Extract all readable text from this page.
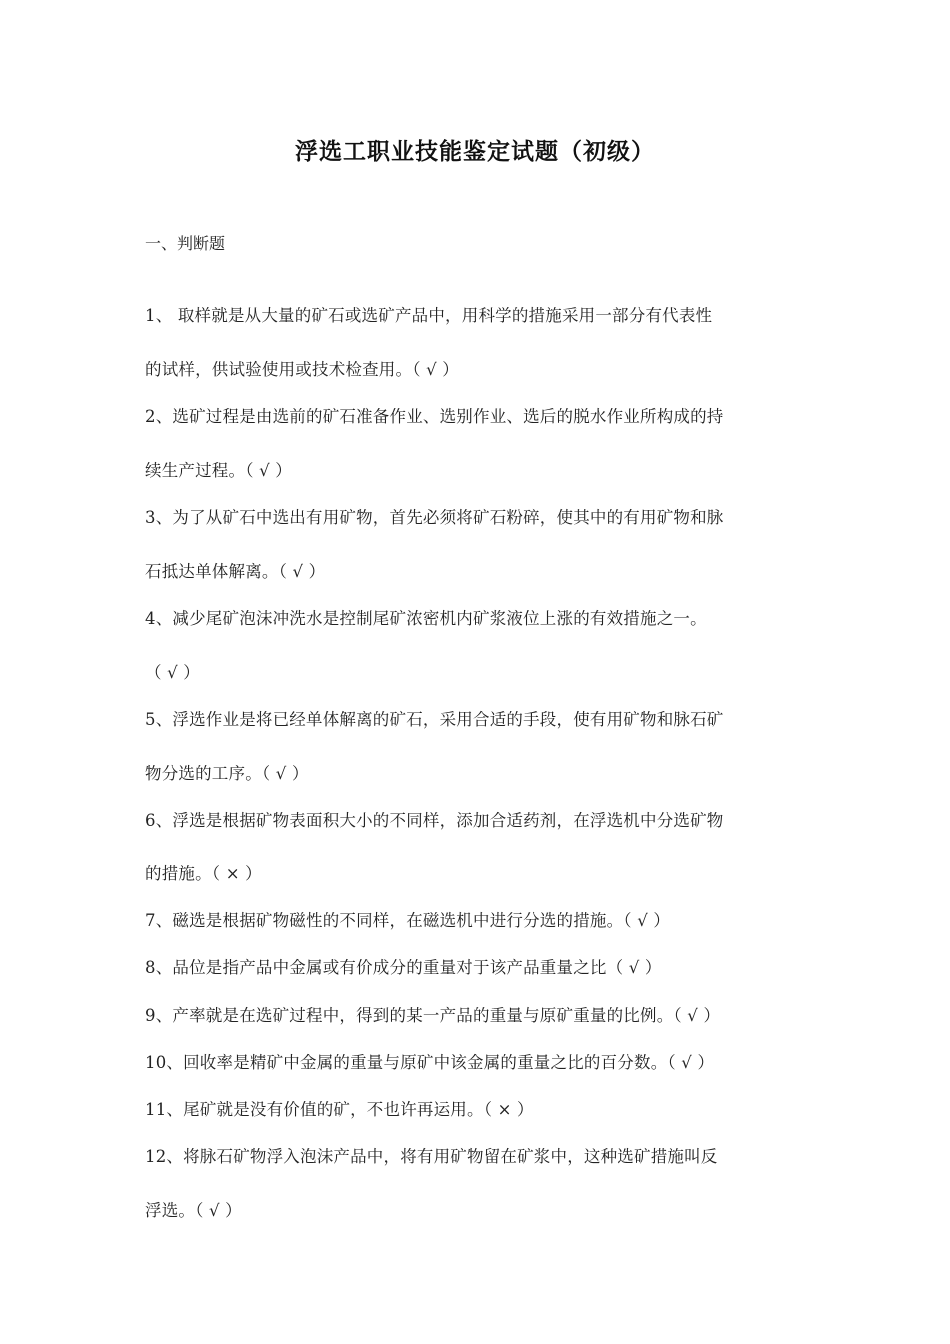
浮选工职业技能鉴定试题（初级）
一、判断题
1、 取样就是从大量的矿石或选矿产品中，用科学的措施采用一部分有代表性
的试样，供试验使用或技术检查用。（ √ ）
2、选矿过程是由选前的矿石准备作业、选别作业、选后的脱水作业所构成的持
续生产过程。（ √ ）
3、为了从矿石中选出有用矿物，首先必须将矿石粉碎，使其中的有用矿物和脉
石抵达单体解离。（ √ ）
4、减少尾矿泡沫冲洗水是控制尾矿浓密机内矿浆液位上涨的有效措施之一。
（ √ ）
5、浮选作业是将已经单体解离的矿石，采用合适的手段，使有用矿物和脉石矿
物分选的工序。（ √ ）
6、浮选是根据矿物表面积大小的不同样，添加合适药剂，在浮选机中分选矿物
的措施。（ × ）
7、磁选是根据矿物磁性的不同样，在磁选机中进行分选的措施。（ √ ）
8、品位是指产品中金属或有价成分的重量对于该产品重量之比（ √ ）
9、产率就是在选矿过程中，得到的某一产品的重量与原矿重量的比例。（ √ ）
10、回收率是精矿中金属的重量与原矿中该金属的重量之比的百分数。（ √ ）
11、尾矿就是没有价值的矿，不也许再运用。（ × ）
12、将脉石矿物浮入泡沫产品中，将有用矿物留在矿浆中，这种选矿措施叫反
浮选。（ √ ）
